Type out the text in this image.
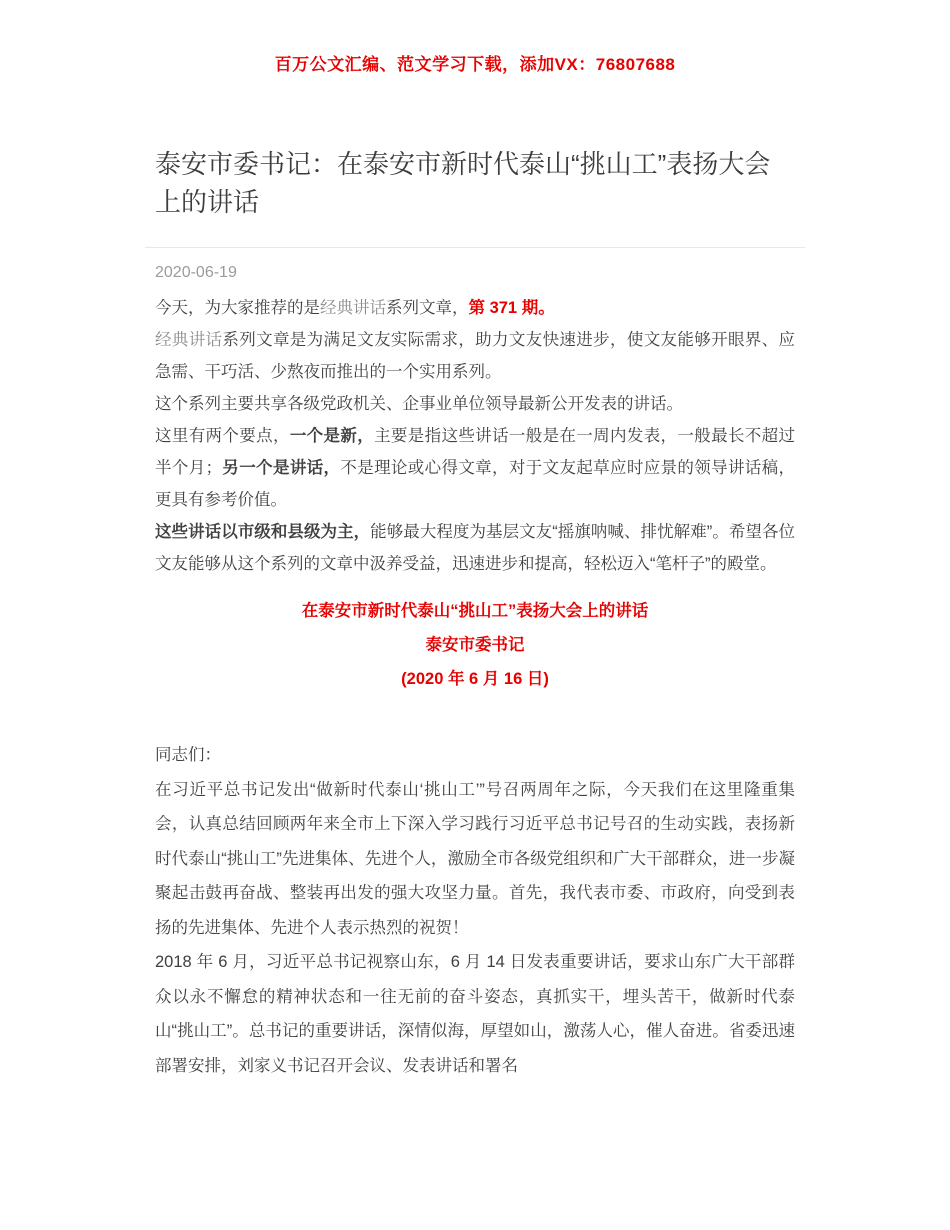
百万公文汇编、范文学习下载，添加VX：76807688
泰安市委书记：在泰安市新时代泰山“挑山工”表扬大会上的讲话
2020-06-19

今天，为大家推荐的是经典讲话系列文章，第 371 期。

经典讲话系列文章是为满足文友实际需求，助力文友快速进步，使文友能够开眼界、应急需、干巧活、少熬夜而推出的一个实用系列。

这个系列主要共享各级党政机关、企事业单位领导最新公开发表的讲话。

这里有两个要点，一个是新，主要是指这些讲话一般是在一周内发表，一般最长不超过半个月；另一个是讲话，不是理论或心得文章，对于文友起草应时应景的领导讲话稿，更具有参考价值。

这些讲话以市级和县级为主，能够最大程度为基层文友“摇旗呐喊、排忧解难”。希望各位文友能够从这个系列的文章中汲养受益，迅速进步和提高，轻松迈入“笔杆子”的殿堂。

在泰安市新时代泰山“挑山工”表扬大会上的讲话
泰安市委书记
(2020 年 6 月 16 日)

同志们：

在习近平总书记发出“做新时代泰山‘挑山工’”号召两周年之际，今天我们在这里隆重集会，认真总结回顾两年来全市上下深入学习践行习近平总书记号召的生动实践，表扬新时代泰山“挑山工”先进集体、先进个人，激励全市各级党组织和广大干部群众，进一步凝聚起击鼓再奋战、整装再出发的强大攻坚力量。首先，我代表市委、市政府，向受到表扬的先进集体、先进个人表示热烈的祝贺！

2018 年 6 月，习近平总书记视察山东，6 月 14 日发表重要讲话，要求山东广大干部群众以永不懈怠的精神状态和一往无前的奋斗姿态，真抓实干，埋头苦干，做新时代泰山“挑山工”。总书记的重要讲话，深情似海，厚望如山，激荡人心，催人奋进。省委迅速部署安排，刘家义书记召开会议、发表讲话和署名
